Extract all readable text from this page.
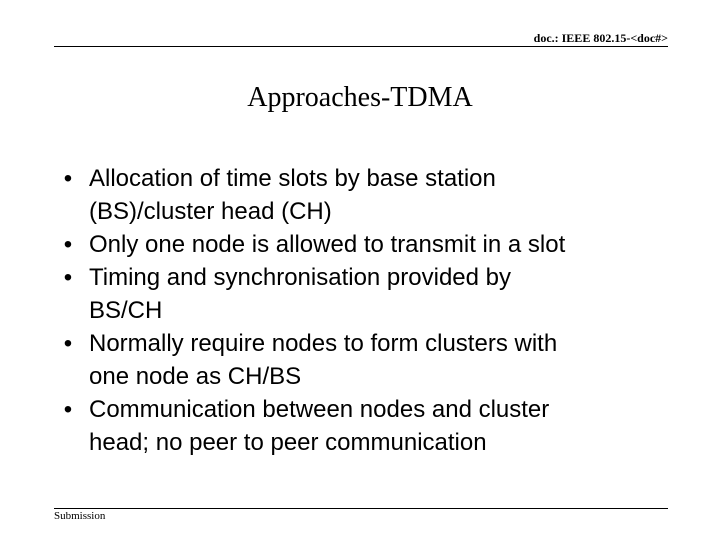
doc.: IEEE 802.15-<doc#>
Approaches-TDMA
• Allocation of time slots by base station
(BS)/cluster head (CH)
• Only one node is allowed to transmit in a slot
• Timing and synchronisation provided by
BS/CH
• Normally require nodes to form clusters with
one node as CH/BS
• Communication between nodes and cluster
head; no peer to peer communication
Submission
